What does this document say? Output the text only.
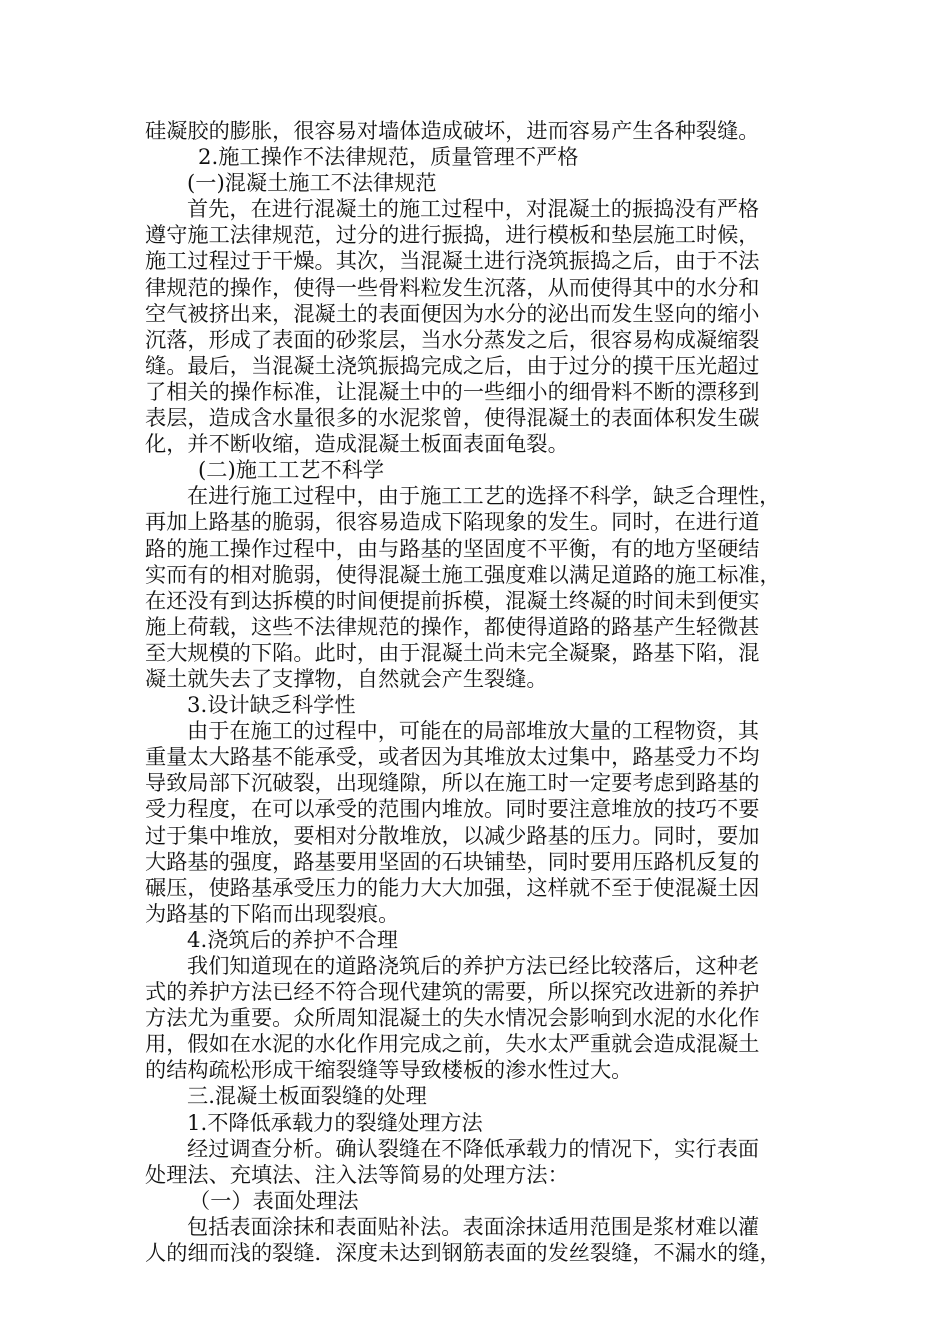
硅凝胶的膨胀，很容易对墙体造成破坏，进而容易产生各种裂缝。
2.施工操作不法律规范，质量管理不严格
(一)混凝土施工不法律规范
首先，在进行混凝土的施工过程中，对混凝土的振捣没有严格
遵守施工法律规范，过分的进行振捣，进行模板和垫层施工时候，
施工过程过于干燥。其次，当混凝土进行浇筑振捣之后，由于不法
律规范的操作，使得一些骨料粒发生沉落，从而使得其中的水分和
空气被挤出来，混凝土的表面便因为水分的泌出而发生竖向的缩小
沉落，形成了表面的砂浆层，当水分蒸发之后，很容易构成凝缩裂
缝。最后，当混凝土浇筑振捣完成之后，由于过分的摸干压光超过
了相关的操作标准，让混凝土中的一些细小的细骨料不断的漂移到
表层，造成含水量很多的水泥浆曾，使得混凝土的表面体积发生碳
化，并不断收缩，造成混凝土板面表面龟裂。
(二)施工工艺不科学
在进行施工过程中，由于施工工艺的选择不科学，缺乏合理性，
再加上路基的脆弱，很容易造成下陷现象的发生。同时，在进行道
路的施工操作过程中，由与路基的坚固度不平衡，有的地方坚硬结
实而有的相对脆弱，使得混凝土施工强度难以满足道路的施工标准，
在还没有到达拆模的时间便提前拆模，混凝土终凝的时间未到便实
施上荷载，这些不法律规范的操作，都使得道路的路基产生轻微甚
至大规模的下陷。此时，由于混凝土尚未完全凝聚，路基下陷，混
凝土就失去了支撑物，自然就会产生裂缝。
3.设计缺乏科学性
由于在施工的过程中，可能在的局部堆放大量的工程物资，其
重量太大路基不能承受，或者因为其堆放太过集中，路基受力不均
导致局部下沉破裂，出现缝隙，所以在施工时一定要考虑到路基的
受力程度，在可以承受的范围内堆放。同时要注意堆放的技巧不要
过于集中堆放，要相对分散堆放，以减少路基的压力。同时，要加
大路基的强度，路基要用坚固的石块铺垫，同时要用压路机反复的
碾压，使路基承受压力的能力大大加强，这样就不至于使混凝土因
为路基的下陷而出现裂痕。
4.浇筑后的养护不合理
我们知道现在的道路浇筑后的养护方法已经比较落后，这种老
式的养护方法已经不符合现代建筑的需要，所以探究改进新的养护
方法尤为重要。众所周知混凝土的失水情况会影响到水泥的水化作
用，假如在水泥的水化作用完成之前，失水太严重就会造成混凝土
的结构疏松形成干缩裂缝等导致楼板的渗水性过大。
三.混凝土板面裂缝的处理
1.不降低承载力的裂缝处理方法
经过调查分析。确认裂缝在不降低承载力的情况下，实行表面
处理法、充填法、注入法等简易的处理方法：
（一）表面处理法
包括表面涂抹和表面贴补法。表面涂抹适用范围是浆材难以灌
人的细而浅的裂缝．深度未达到钢筋表面的发丝裂缝，不漏水的缝，
